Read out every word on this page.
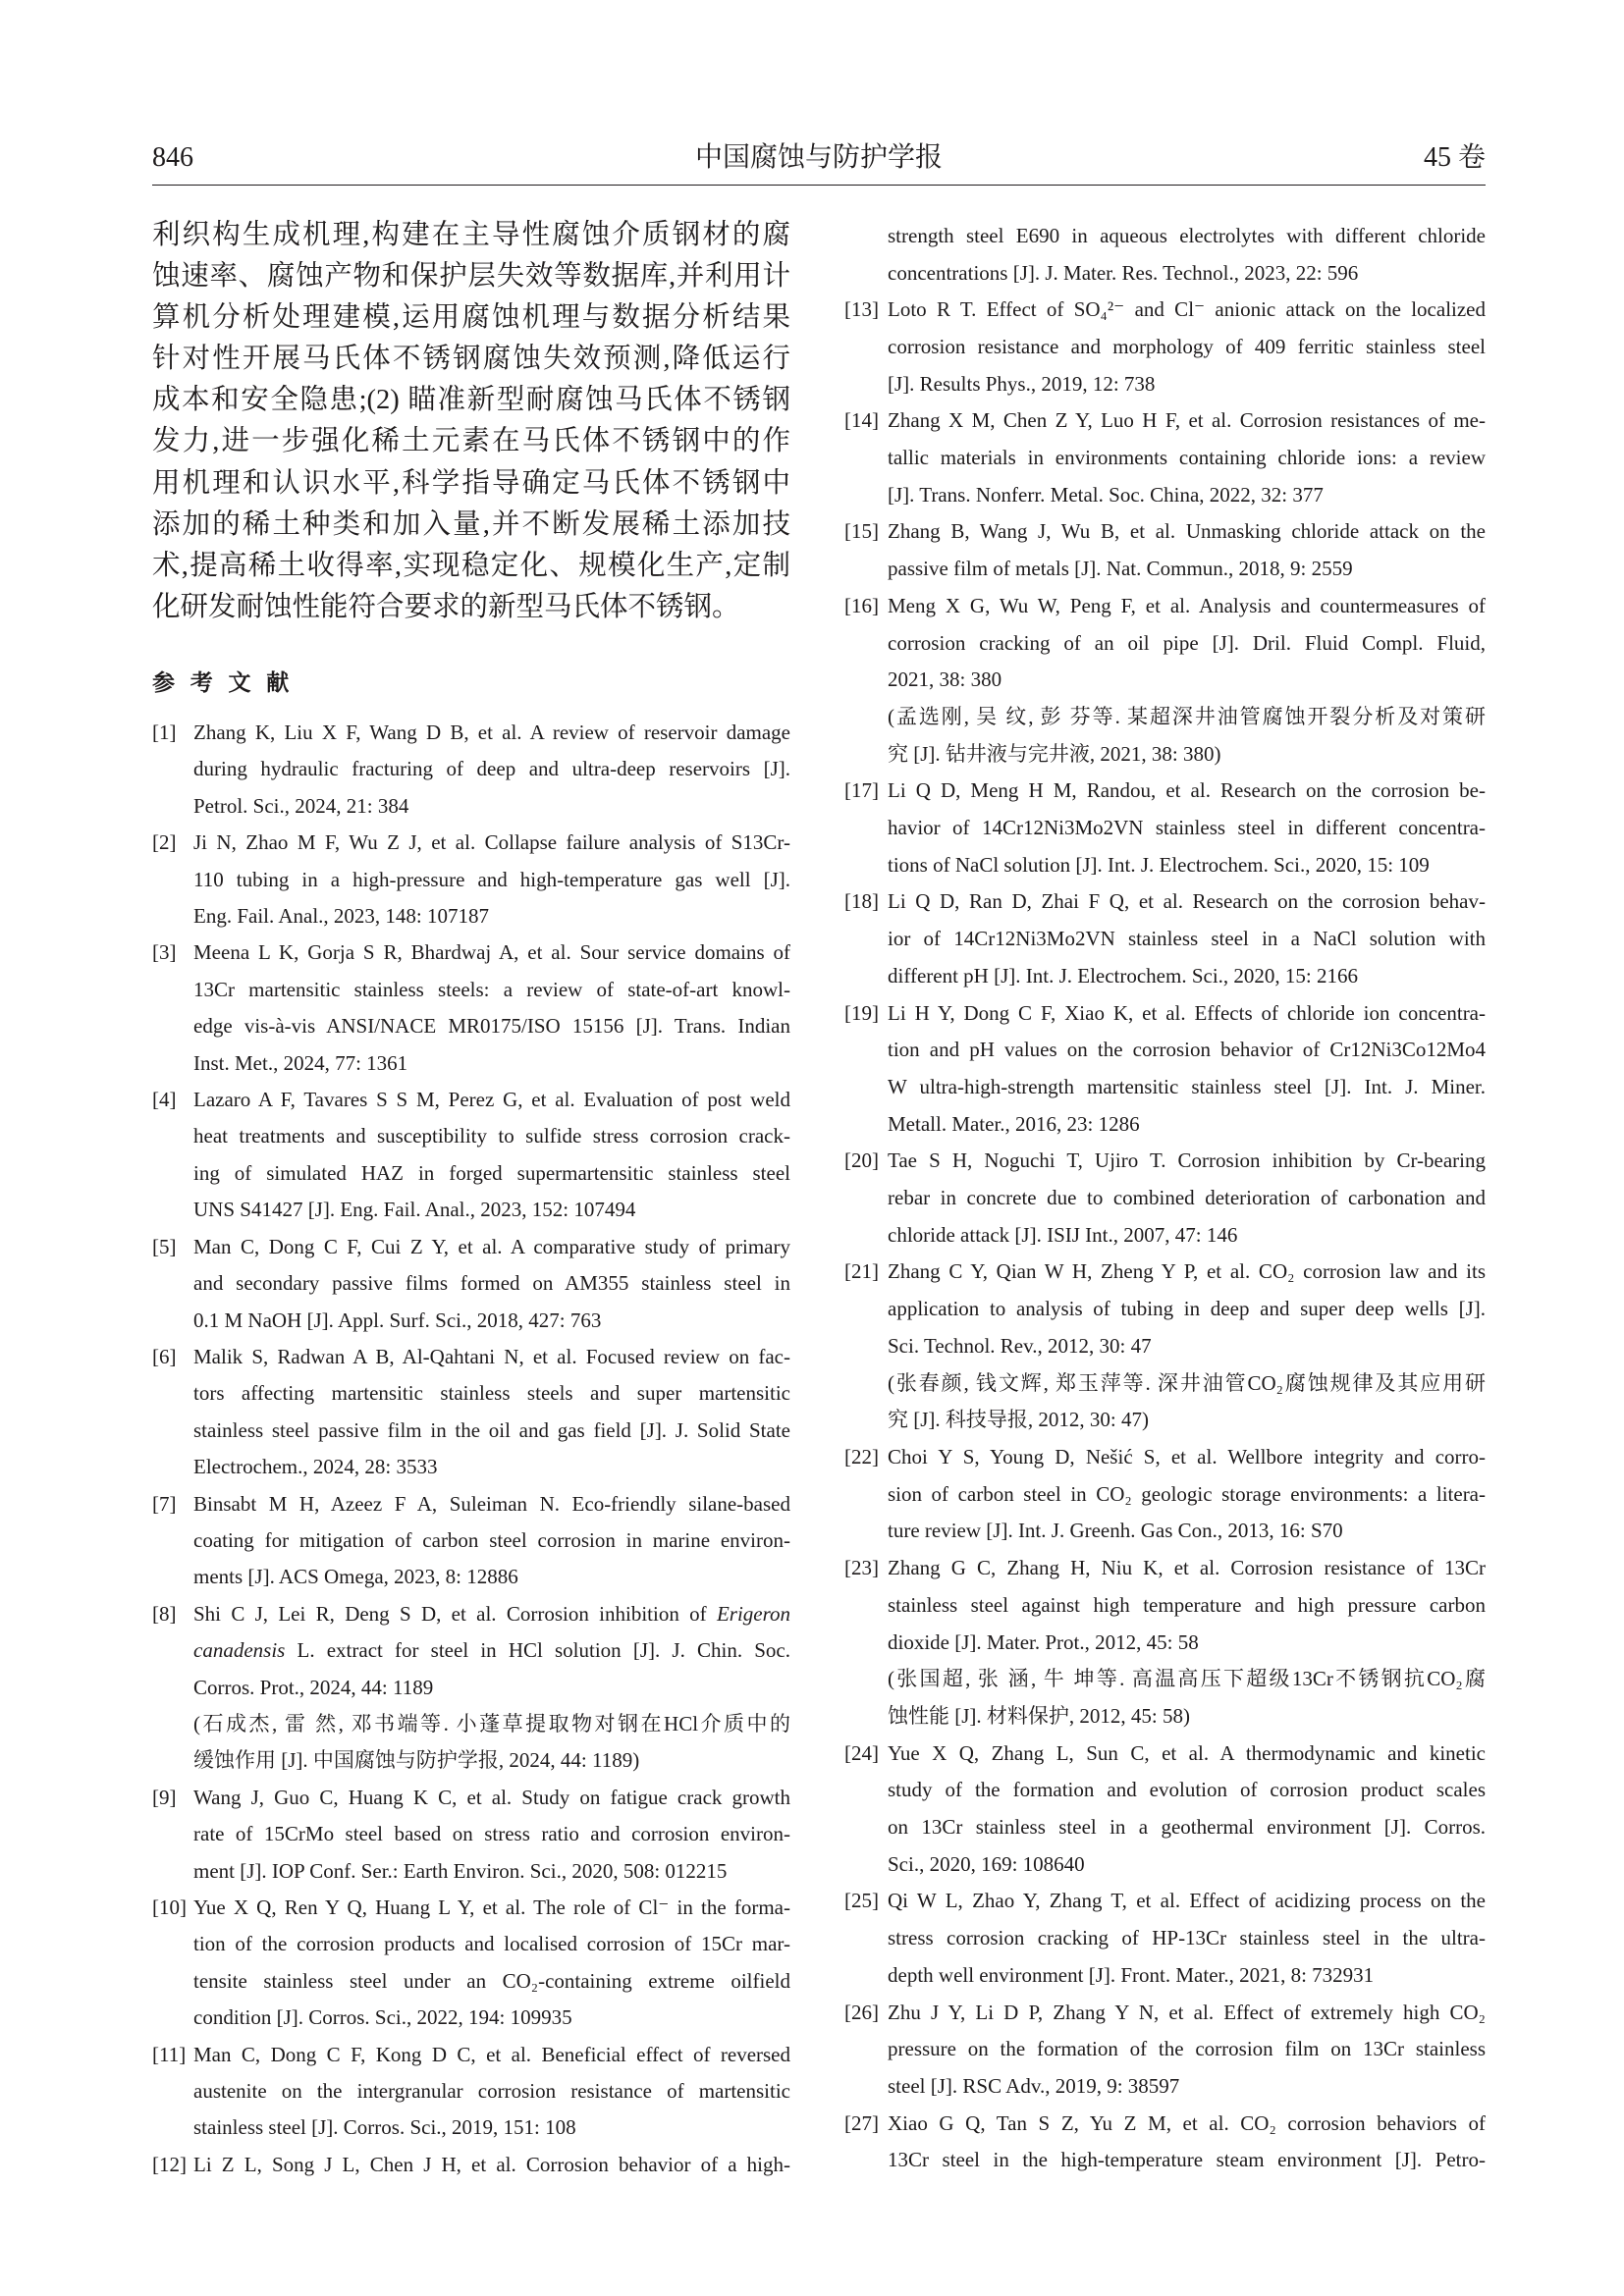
846	中国腐蚀与防护学报	45 卷
利织构生成机理,构建在主导性腐蚀介质钢材的腐
蚀速率、腐蚀产物和保护层失效等数据库,并利用计
算机分析处理建模,运用腐蚀机理与数据分析结果
针对性开展马氏体不锈钢腐蚀失效预测,降低运行
成本和安全隐患;(2) 瞄准新型耐腐蚀马氏体不锈钢
发力,进一步强化稀土元素在马氏体不锈钢中的作
用机理和认识水平,科学指导确定马氏体不锈钢中
添加的稀土种类和加入量,并不断发展稀土添加技
术,提高稀土收得率,实现稳定化、规模化生产,定制
化研发耐蚀性能符合要求的新型马氏体不锈钢。
参 考 文 献
[1] Zhang K, Liu X F, Wang D B, et al. A review of reservoir damage
during hydraulic fracturing of deep and ultra-deep reservoirs [J].
Petrol. Sci., 2024, 21: 384
[2] Ji N, Zhao M F, Wu Z J, et al. Collapse failure analysis of S13Cr-
110 tubing in a high-pressure and high-temperature gas well [J].
Eng. Fail. Anal., 2023, 148: 107187
[3] Meena L K, Gorja S R, Bhardwaj A, et al. Sour service domains of
13Cr martensitic stainless steels: a review of state-of-art knowl-
edge vis-à-vis ANSI/NACE MR0175/ISO 15156 [J]. Trans. Indian
Inst. Met., 2024, 77: 1361
[4] Lazaro A F, Tavares S S M, Perez G, et al. Evaluation of post weld
heat treatments and susceptibility to sulfide stress corrosion crack-
ing of simulated HAZ in forged supermartensitic stainless steel
UNS S41427 [J]. Eng. Fail. Anal., 2023, 152: 107494
[5] Man C, Dong C F, Cui Z Y, et al. A comparative study of primary
and secondary passive films formed on AM355 stainless steel in
0.1 M NaOH [J]. Appl. Surf. Sci., 2018, 427: 763
[6] Malik S, Radwan A B, Al-Qahtani N, et al. Focused review on fac-
tors affecting martensitic stainless steels and super martensitic
stainless steel passive film in the oil and gas field [J]. J. Solid State
Electrochem., 2024, 28: 3533
[7] Binsabt M H, Azeez F A, Suleiman N. Eco-friendly silane-based
coating for mitigation of carbon steel corrosion in marine environ-
ments [J]. ACS Omega, 2023, 8: 12886
[8] Shi C J, Lei R, Deng S D, et al. Corrosion inhibition of Erigeron
canadensis L. extract for steel in HCl solution [J]. J. Chin. Soc.
Corros. Prot., 2024, 44: 1189
(石成杰, 雷 然, 邓书端等. 小蓬草提取物对钢在HCl介质中的
缓蚀作用 [J]. 中国腐蚀与防护学报, 2024, 44: 1189)
[9] Wang J, Guo C, Huang K C, et al. Study on fatigue crack growth
rate of 15CrMo steel based on stress ratio and corrosion environ-
ment [J]. IOP Conf. Ser.: Earth Environ. Sci., 2020, 508: 012215
[10] Yue X Q, Ren Y Q, Huang L Y, et al. The role of Cl⁻ in the forma-
tion of the corrosion products and localised corrosion of 15Cr mar-
tensite stainless steel under an CO₂-containing extreme oilfield
condition [J]. Corros. Sci., 2022, 194: 109935
[11] Man C, Dong C F, Kong D C, et al. Beneficial effect of reversed
austenite on the intergranular corrosion resistance of martensitic
stainless steel [J]. Corros. Sci., 2019, 151: 108
[12] Li Z L, Song J L, Chen J H, et al. Corrosion behavior of a high-
strength steel E690 in aqueous electrolytes with different chloride
concentrations [J]. J. Mater. Res. Technol., 2023, 22: 596
[13] Loto R T. Effect of SO₄²⁻ and Cl⁻ anionic attack on the localized
corrosion resistance and morphology of 409 ferritic stainless steel
[J]. Results Phys., 2019, 12: 738
[14] Zhang X M, Chen Z Y, Luo H F, et al. Corrosion resistances of me-
tallic materials in environments containing chloride ions: a review
[J]. Trans. Nonferr. Metal. Soc. China, 2022, 32: 377
[15] Zhang B, Wang J, Wu B, et al. Unmasking chloride attack on the
passive film of metals [J]. Nat. Commun., 2018, 9: 2559
[16] Meng X G, Wu W, Peng F, et al. Analysis and countermeasures of
corrosion cracking of an oil pipe [J]. Dril. Fluid Compl. Fluid,
2021, 38: 380
(孟选刚, 吴 纹, 彭 芬等. 某超深井油管腐蚀开裂分析及对策研
究 [J]. 钻井液与完井液, 2021, 38: 380)
[17] Li Q D, Meng H M, Randou, et al. Research on the corrosion be-
havior of 14Cr12Ni3Mo2VN stainless steel in different concentra-
tions of NaCl solution [J]. Int. J. Electrochem. Sci., 2020, 15: 109
[18] Li Q D, Ran D, Zhai F Q, et al. Research on the corrosion behav-
ior of 14Cr12Ni3Mo2VN stainless steel in a NaCl solution with
different pH [J]. Int. J. Electrochem. Sci., 2020, 15: 2166
[19] Li H Y, Dong C F, Xiao K, et al. Effects of chloride ion concentra-
tion and pH values on the corrosion behavior of Cr12Ni3Co12Mo4
W ultra-high-strength martensitic stainless steel [J]. Int. J. Miner.
Metall. Mater., 2016, 23: 1286
[20] Tae S H, Noguchi T, Ujiro T. Corrosion inhibition by Cr-bearing
rebar in concrete due to combined deterioration of carbonation and
chloride attack [J]. ISIJ Int., 2007, 47: 146
[21] Zhang C Y, Qian W H, Zheng Y P, et al. CO₂ corrosion law and its
application to analysis of tubing in deep and super deep wells [J].
Sci. Technol. Rev., 2012, 30: 47
(张春颜, 钱文辉, 郑玉萍等. 深井油管CO₂腐蚀规律及其应用研
究 [J]. 科技导报, 2012, 30: 47)
[22] Choi Y S, Young D, Nešić S, et al. Wellbore integrity and corro-
sion of carbon steel in CO₂ geologic storage environments: a litera-
ture review [J]. Int. J. Greenh. Gas Con., 2013, 16: S70
[23] Zhang G C, Zhang H, Niu K, et al. Corrosion resistance of 13Cr
stainless steel against high temperature and high pressure carbon
dioxide [J]. Mater. Prot., 2012, 45: 58
(张国超, 张 涵, 牛 坤等. 高温高压下超级13Cr不锈钢抗CO₂腐
蚀性能 [J]. 材料保护, 2012, 45: 58)
[24] Yue X Q, Zhang L, Sun C, et al. A thermodynamic and kinetic
study of the formation and evolution of corrosion product scales
on 13Cr stainless steel in a geothermal environment [J]. Corros.
Sci., 2020, 169: 108640
[25] Qi W L, Zhao Y, Zhang T, et al. Effect of acidizing process on the
stress corrosion cracking of HP-13Cr stainless steel in the ultra-
depth well environment [J]. Front. Mater., 2021, 8: 732931
[26] Zhu J Y, Li D P, Zhang Y N, et al. Effect of extremely high CO₂
pressure on the formation of the corrosion film on 13Cr stainless
steel [J]. RSC Adv., 2019, 9: 38597
[27] Xiao G Q, Tan S Z, Yu Z M, et al. CO₂ corrosion behaviors of
13Cr steel in the high-temperature steam environment [J]. Petro-
